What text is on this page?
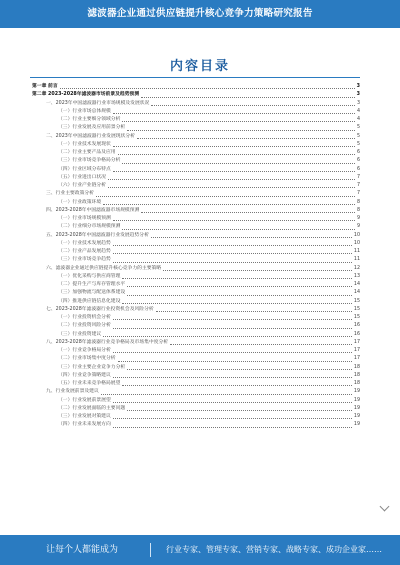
滤波器企业通过供应链提升核心竞争力策略研究报告
内容目录
第一章 前言	3
第二章 2023-2028年滤波器市场前景及趋势预测	3
一、2023年中国滤波器行业市场规模及发展状况	3
（一）行业市场总体规模	4
（二）行业主要细分领域分析	4
（三）行业发展及应用前景分析	5
二、2023年中国滤波器行业发展现状分析	5
（一）行业技术发展现状	5
（二）行业主要产品及应用	6
（三）行业市场竞争格局分析	6
（四）行业区域分布特点	6
（五）行业进出口状况	7
（六）行业产业链分析	7
三、行业主要政策分析	7
（一）行业政策环境	8
四、2023-2028年中国滤波器市场规模预测	8
（一）行业市场规模预测	9
（二）行业细分市场规模预测	9
五、2023-2028年中国滤波器行业发展趋势分析	10
（一）行业技术发展趋势	10
（二）行业产品发展趋势	11
（三）行业市场竞争趋势	11
六、滤波器企业通过供应链提升核心竞争力的主要策略	12
（一）优化采购与供应商管理	13
（二）提升生产与库存管理水平	14
（三）加强物流与配送体系建设	14
（四）推进供应链信息化建设	15
七、2023-2028年滤波器行业投资机会及风险分析	15
（一）行业投资机会分析	15
（二）行业投资风险分析	16
（三）行业投资建议	16
八、2023-2028年滤波器行业竞争格局及市场集中度分析	17
（一）行业竞争格局分析	17
（二）行业市场集中度分析	17
（三）行业主要企业竞争力分析	18
（四）行业竞争策略建议	18
（五）行业未来竞争格局展望	18
九、行业发展前景及建议	19
（一）行业发展前景展望	19
（二）行业发展面临的主要问题	19
（三）行业发展对策建议	19
（四）行业未来发展方向	19
让每个人都能成为	行业专家、管理专家、营销专家、战略专家、成功企业家……
